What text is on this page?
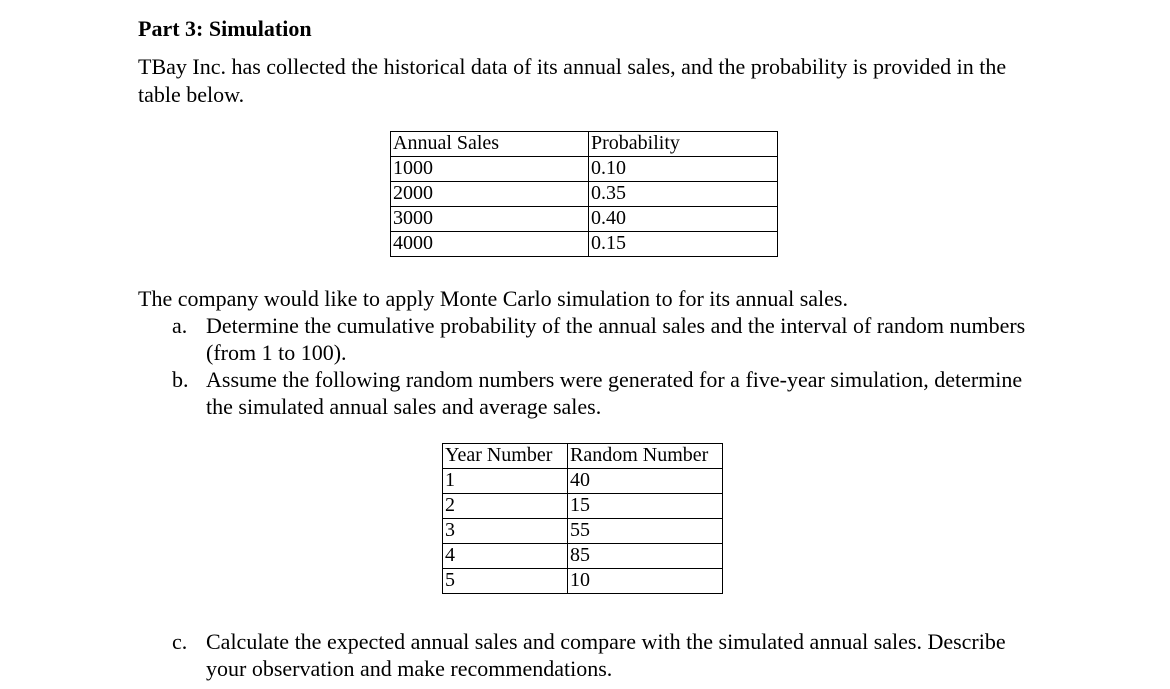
Part 3: Simulation

TBay Inc. has collected the historical data of its annual sales, and the probability is provided in the table below.

Annual Sales	Probability
1000	0.10
2000	0.35
3000	0.40
4000	0.15

The company would like to apply Monte Carlo simulation to for its annual sales.

a. Determine the cumulative probability of the annual sales and the interval of random numbers (from 1 to 100).
b. Assume the following random numbers were generated for a five-year simulation, determine the simulated annual sales and average sales.
Year Number	Random Number
1	40
2	15
3	55
4	85
5	10
c. Calculate the expected annual sales and compare with the simulated annual sales. Describe your observation and make recommendations.
